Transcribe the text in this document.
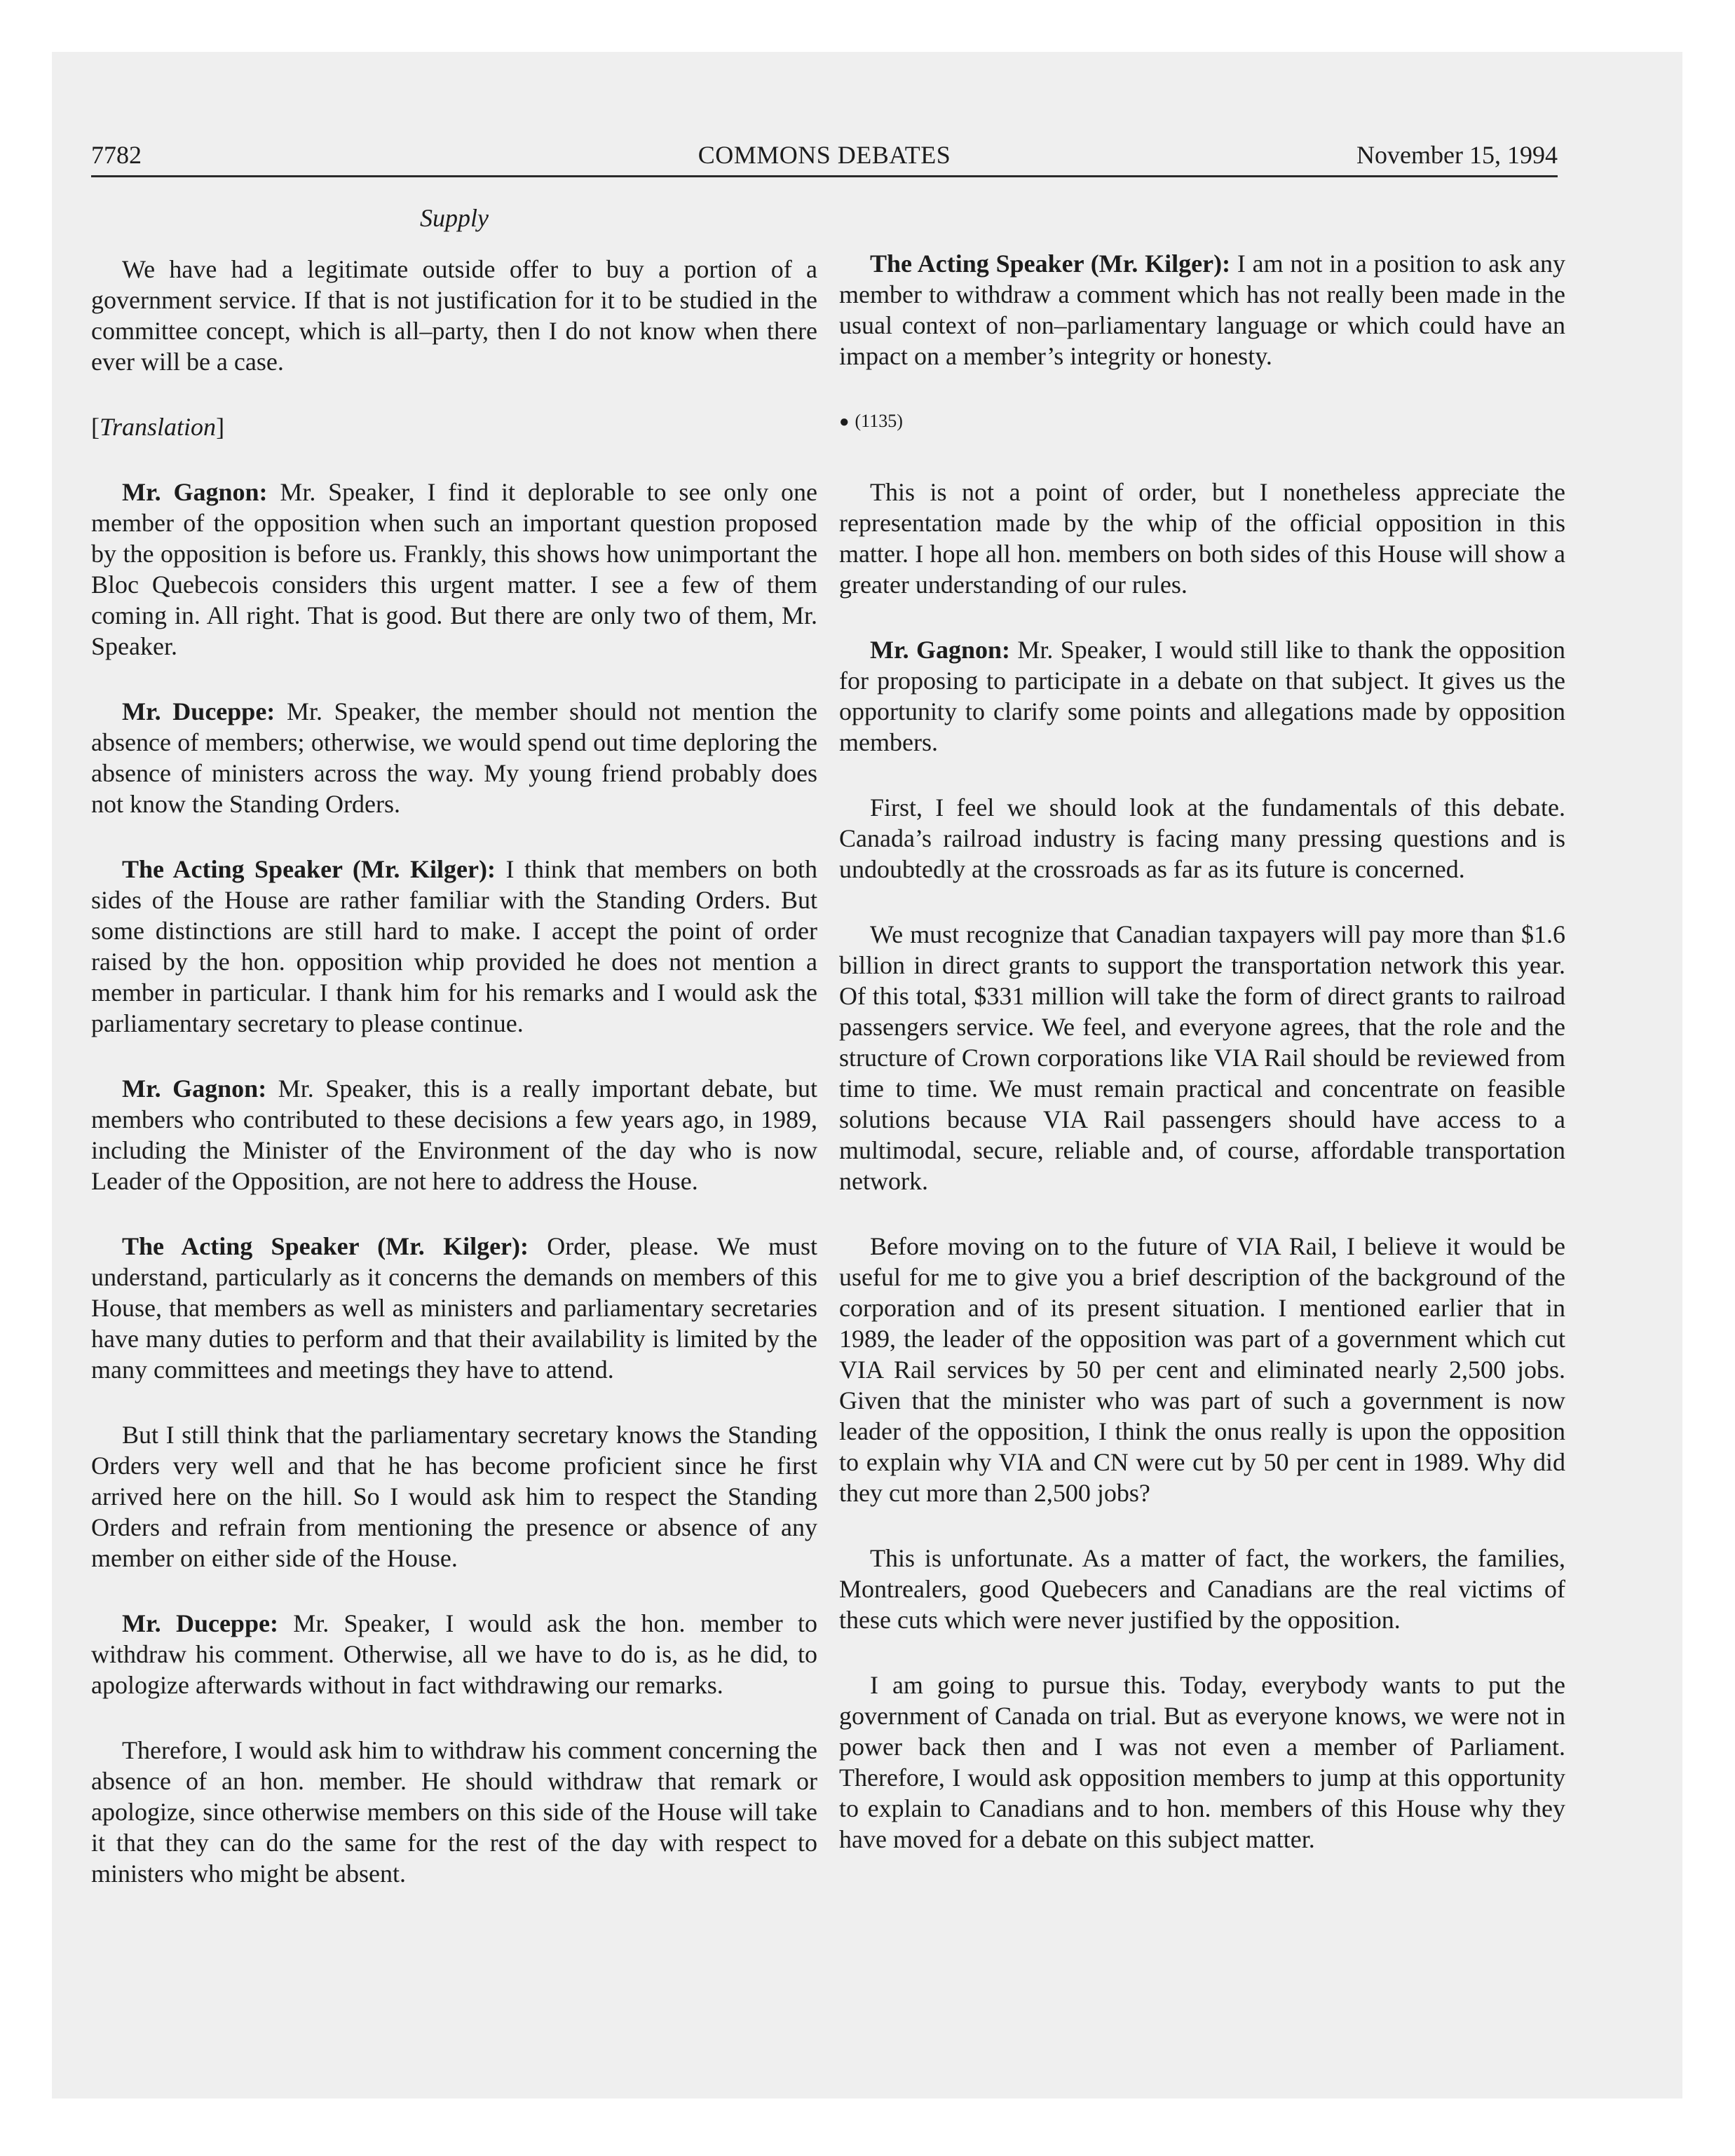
7782	COMMONS DEBATES	November 15, 1994
Supply

We have had a legitimate outside offer to buy a portion of a government service. If that is not justification for it to be studied in the committee concept, which is all–party, then I do not know when there ever will be a case.

[Translation]

Mr. Gagnon: Mr. Speaker, I find it deplorable to see only one member of the opposition when such an important question proposed by the opposition is before us. Frankly, this shows how unimportant the Bloc Quebecois considers this urgent matter. I see a few of them coming in. All right. That is good. But there are only two of them, Mr. Speaker.

Mr. Duceppe: Mr. Speaker, the member should not mention the absence of members; otherwise, we would spend out time deploring the absence of ministers across the way. My young friend probably does not know the Standing Orders.

The Acting Speaker (Mr. Kilger): I think that members on both sides of the House are rather familiar with the Standing Orders. But some distinctions are still hard to make. I accept the point of order raised by the hon. opposition whip provided he does not mention a member in particular. I thank him for his remarks and I would ask the parliamentary secretary to please continue.

Mr. Gagnon: Mr. Speaker, this is a really important debate, but members who contributed to these decisions a few years ago, in 1989, including the Minister of the Environment of the day who is now Leader of the Opposition, are not here to address the House.

The Acting Speaker (Mr. Kilger): Order, please. We must understand, particularly as it concerns the demands on members of this House, that members as well as ministers and parliamentary secretaries have many duties to perform and that their availability is limited by the many committees and meetings they have to attend.

But I still think that the parliamentary secretary knows the Standing Orders very well and that he has become proficient since he first arrived here on the hill. So I would ask him to respect the Standing Orders and refrain from mentioning the presence or absence of any member on either side of the House.

Mr. Duceppe: Mr. Speaker, I would ask the hon. member to withdraw his comment. Otherwise, all we have to do is, as he did, to apologize afterwards without in fact withdrawing our remarks.

Therefore, I would ask him to withdraw his comment concerning the absence of an hon. member. He should withdraw that remark or apologize, since otherwise members on this side of the House will take it that they can do the same for the rest of the day with respect to ministers who might be absent.

The Acting Speaker (Mr. Kilger): I am not in a position to ask any member to withdraw a comment which has not really been made in the usual context of non–parliamentary language or which could have an impact on a member’s integrity or honesty.

● (1135)

This is not a point of order, but I nonetheless appreciate the representation made by the whip of the official opposition in this matter. I hope all hon. members on both sides of this House will show a greater understanding of our rules.

Mr. Gagnon: Mr. Speaker, I would still like to thank the opposition for proposing to participate in a debate on that subject. It gives us the opportunity to clarify some points and allegations made by opposition members.

First, I feel we should look at the fundamentals of this debate. Canada’s railroad industry is facing many pressing questions and is undoubtedly at the crossroads as far as its future is concerned.

We must recognize that Canadian taxpayers will pay more than $1.6 billion in direct grants to support the transportation network this year. Of this total, $331 million will take the form of direct grants to railroad passengers service. We feel, and everyone agrees, that the role and the structure of Crown corporations like VIA Rail should be reviewed from time to time. We must remain practical and concentrate on feasible solutions because VIA Rail passengers should have access to a multimodal, secure, reliable and, of course, affordable transportation network.

Before moving on to the future of VIA Rail, I believe it would be useful for me to give you a brief description of the background of the corporation and of its present situation. I mentioned earlier that in 1989, the leader of the opposition was part of a government which cut VIA Rail services by 50 per cent and eliminated nearly 2,500 jobs. Given that the minister who was part of such a government is now leader of the opposition, I think the onus really is upon the opposition to explain why VIA and CN were cut by 50 per cent in 1989. Why did they cut more than 2,500 jobs?

This is unfortunate. As a matter of fact, the workers, the families, Montrealers, good Quebecers and Canadians are the real victims of these cuts which were never justified by the opposition.

I am going to pursue this. Today, everybody wants to put the government of Canada on trial. But as everyone knows, we were not in power back then and I was not even a member of Parliament. Therefore, I would ask opposition members to jump at this opportunity to explain to Canadians and to hon. members of this House why they have moved for a debate on this subject matter.
